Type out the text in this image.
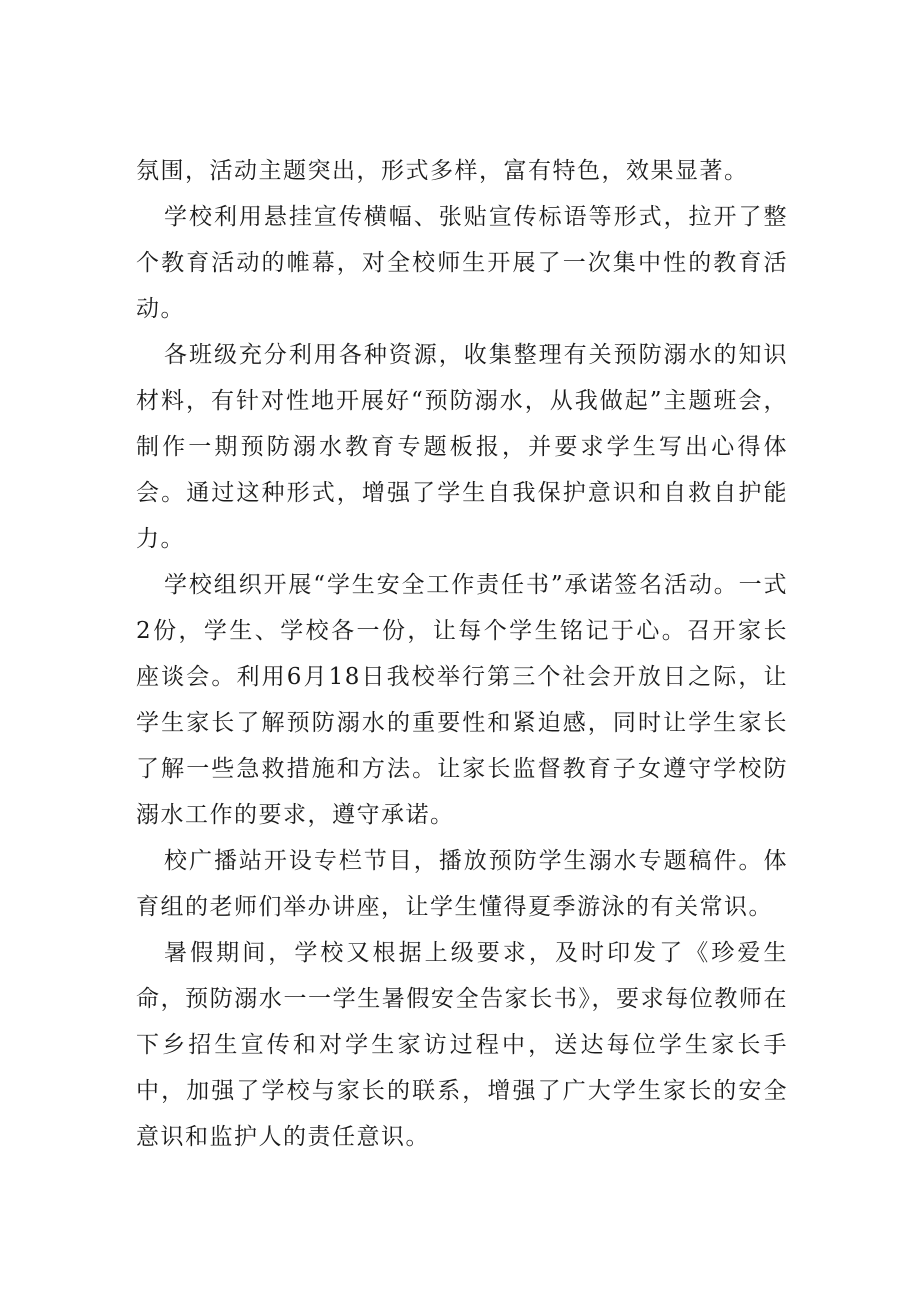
氛围，活动主题突出，形式多样，富有特色，效果显著。

学校利用悬挂宣传横幅、张贴宣传标语等形式，拉开了整个教育活动的帷幕，对全校师生开展了一次集中性的教育活动。

各班级充分利用各种资源，收集整理有关预防溺水的知识材料，有针对性地开展好“预防溺水，从我做起”主题班会，制作一期预防溺水教育专题板报，并要求学生写出心得体会。通过这种形式，增强了学生自我保护意识和自救自护能力。

学校组织开展“学生安全工作责任书”承诺签名活动。一式2份，学生、学校各一份，让每个学生铭记于心。召开家长座谈会。利用6月18日我校举行第三个社会开放日之际，让学生家长了解预防溺水的重要性和紧迫感，同时让学生家长了解一些急救措施和方法。让家长监督教育子女遵守学校防溺水工作的要求，遵守承诺。

校广播站开设专栏节目，播放预防学生溺水专题稿件。体育组的老师们举办讲座，让学生懂得夏季游泳的有关常识。

暑假期间，学校又根据上级要求，及时印发了《珍爱生命，预防溺水一一学生暑假安全告家长书》，要求每位教师在下乡招生宣传和对学生家访过程中，送达每位学生家长手中，加强了学校与家长的联系，增强了广大学生家长的安全意识和监护人的责任意识。
